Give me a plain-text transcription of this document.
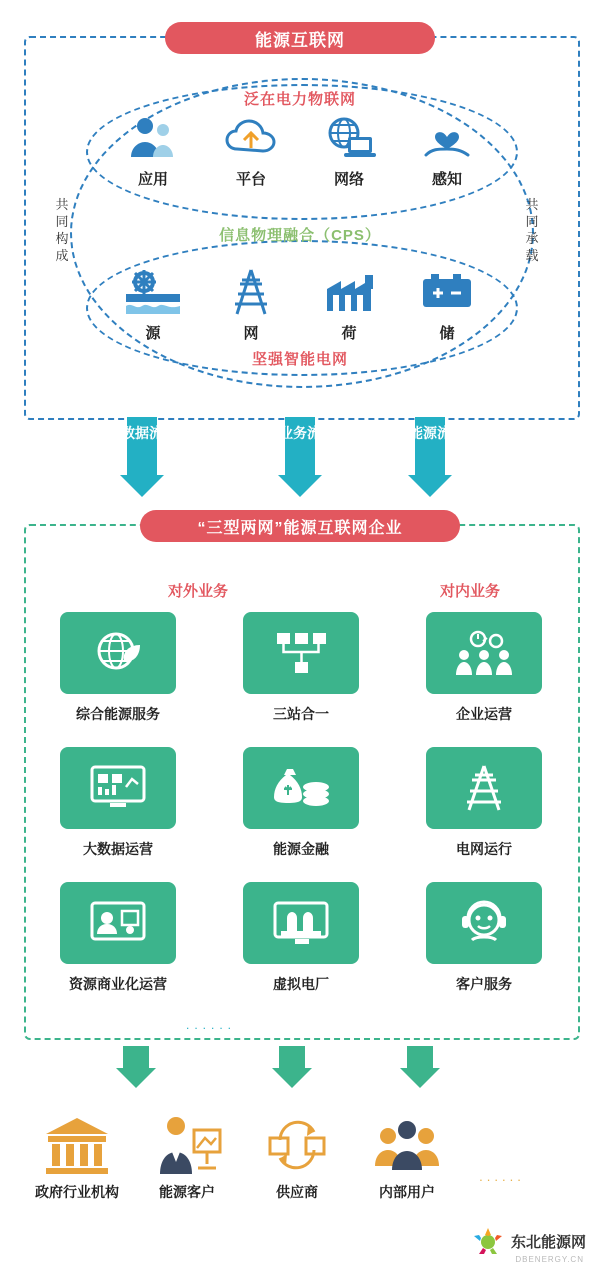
能源互联网
泛在电力物联网
信息物理融合（CPS）
坚强智能电网
共同构成
共同承载
应用	平台	网络	感知
源	网	荷	储
数据流	业务流	能源流
“三型两网”能源互联网企业
对外业务	对内业务
综合能源服务	三站合一	企业运营
大数据运营	能源金融	电网运行
资源商业化运营	虚拟电厂	客户服务
......
政府行业机构	能源客户	供应商	内部用户
......
东北能源网
DBENERGY.CN
